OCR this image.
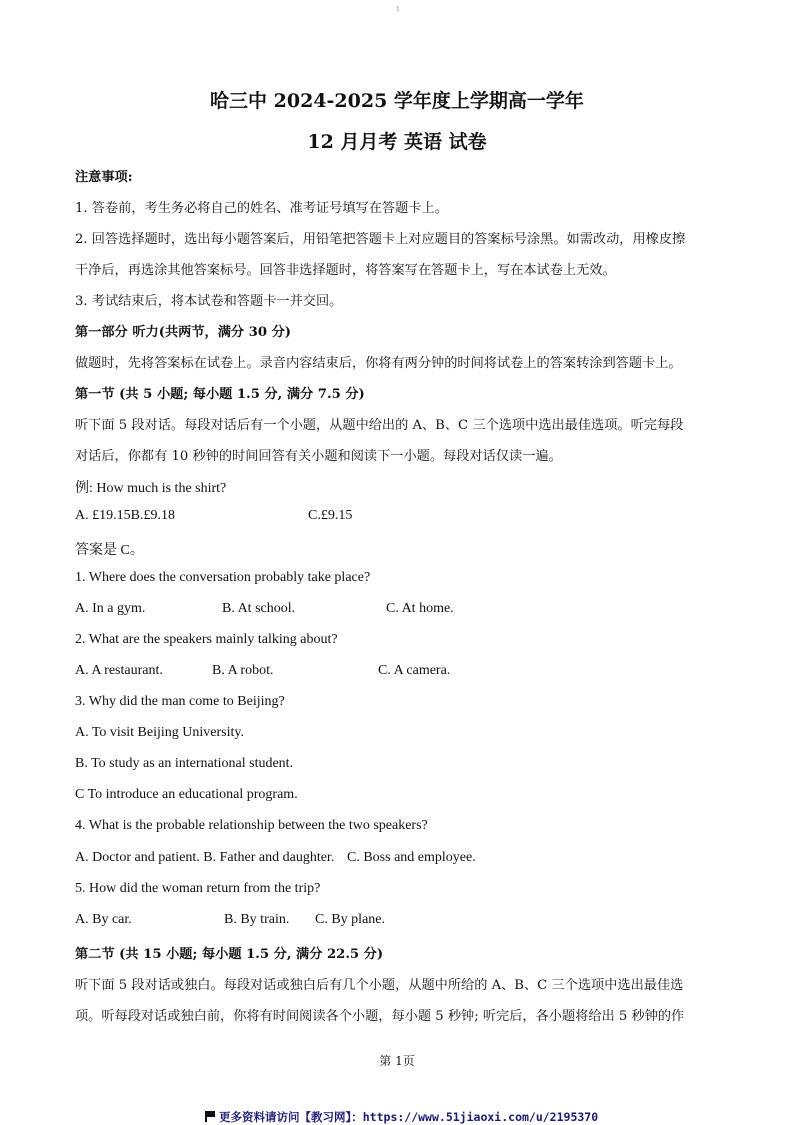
1
哈三中 2024-2025 学年度上学期高一学年
12 月月考 英语 试卷
注意事项:
1. 答卷前，考生务必将自己的姓名、准考证号填写在答题卡上。
2. 回答选择题时，选出每小题答案后，用铅笔把答题卡上对应题目的答案标号涂黑。如需改动，用橡皮擦
干净后，再选涂其他答案标号。回答非选择题时，将答案写在答题卡上，写在本试卷上无效。
3. 考试结束后，将本试卷和答题卡一并交回。
第一部分 听力(共两节，满分 30 分)
做题时，先将答案标在试卷上。录音内容结束后，你将有两分钟的时间将试卷上的答案转涂到答题卡上。
第一节 (共 5 小题; 每小题 1.5 分, 满分 7.5 分)
听下面 5 段对话。每段对话后有一个小题，从题中给出的 A、B、C 三个选项中选出最佳选项。听完每段
对话后，你都有 10 秒钟的时间回答有关小题和阅读下一小题。每段对话仅读一遍。
例: How much is the shirt?
A. £19.15B.£9.18	C.£9.15
答案是 C。
1. Where does the conversation probably take place?
A. In a gym.	B. At school.	C. At home.
2. What are the speakers mainly talking about?
A. A restaurant.	B. A robot.	C. A camera.
3. Why did the man come to Beijing?
A. To visit Beijing University.
B. To study as an international student.
C To introduce an educational program.
4. What is the probable relationship between the two speakers?
A. Doctor and patient. B. Father and daughter. C. Boss and employee.
5. How did the woman return from the trip?
A. By car.	B. By train. C. By plane.
第二节 (共 15 小题; 每小题 1.5 分, 满分 22.5 分)
听下面 5 段对话或独白。每段对话或独白后有几个小题，从题中所给的 A、B、C 三个选项中选出最佳选
项。听每段对话或独白前，你将有时间阅读各个小题，每小题 5 秒钟; 听完后，各小题将给出 5 秒钟的作
第 1页
更多资料请访问【教习网】：https://www.51jiaoxi.com/u/2195370
